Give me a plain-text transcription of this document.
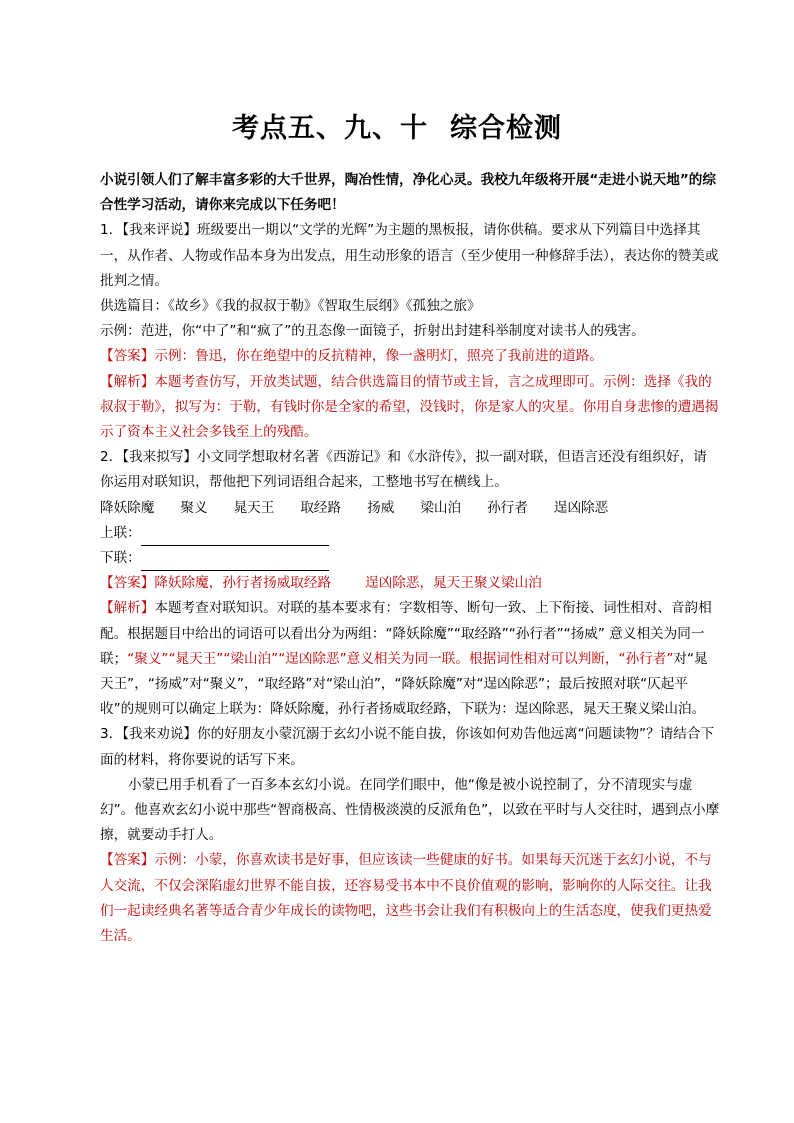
考点五、九、十 综合检测

小说引领人们了解丰富多彩的大千世界，陶冶性情，净化心灵。我校九年级将开展“走进小说天地”的综合性学习活动，请你来完成以下任务吧！

1．【我来评说】班级要出一期以“文学的光辉”为主题的黑板报，请你供稿。要求从下列篇目中选择其一，从作者、人物或作品本身为出发点，用生动形象的语言（至少使用一种修辞手法），表达你的赞美或批判之情。

供选篇目：《故乡》《我的叔叔于勒》《智取生辰纲》《孤独之旅》

示例：范进，你“中了”和“疯了”的丑态像一面镜子，折射出封建科举制度对读书人的残害。

【答案】示例：鲁迅，你在绝望中的反抗精神，像一盏明灯，照亮了我前进的道路。

【解析】本题考查仿写，开放类试题，结合供选篇目的情节或主旨，言之成理即可。示例：选择《我的叔叔于勒》，拟写为：于勒，有钱时你是全家的希望，没钱时，你是家人的灾星。你用自身悲惨的遭遇揭示了资本主义社会多钱至上的残酷。

2．【我来拟写】小文同学想取材名著《西游记》和《水浒传》，拟一副对联，但语言还没有组织好，请你运用对联知识，帮他把下列词语组合起来，工整地书写在横线上。

降妖除魔 聚义 晁天王 取经路 扬威 梁山泊 孙行者 逞凶除恶

上联：

下联：

【答案】降妖除魔，孙行者扬威取经路	逞凶除恶，晁天王聚义梁山泊

【解析】本题考查对联知识。对联的基本要求有：字数相等、断句一致、上下衔接、词性相对、音韵相配。根据题目中给出的词语可以看出分为两组：“降妖除魔”“取经路”“孙行者”“扬威” 意义相关为同一联；“聚义”“晁天王”“梁山泊”“逞凶除恶”意义相关为同一联。根据词性相对可以判断，“孙行者”对“晁天王”，“扬威”对“聚义”，“取经路”对“梁山泊”，“降妖除魔”对“逞凶除恶”；最后按照对联“仄起平收”的规则可以确定上联为：降妖除魔，孙行者扬威取经路，下联为：逞凶除恶，晁天王聚义梁山泊。

3．【我来劝说】你的好朋友小蒙沉溺于玄幻小说不能自拔，你该如何劝告他远离“问题读物”？请结合下面的材料，将你要说的话写下来。

小蒙已用手机看了一百多本玄幻小说。在同学们眼中，他“像是被小说控制了，分不清现实与虚幻”。他喜欢玄幻小说中那些“智商极高、性情极淡漠的反派角色”，以致在平时与人交往时，遇到点小摩擦，就要动手打人。

【答案】示例：小蒙，你喜欢读书是好事，但应该读一些健康的好书。如果每天沉迷于玄幻小说，不与人交流，不仅会深陷虚幻世界不能自拔，还容易受书本中不良价值观的影响，影响你的人际交往。让我们一起读经典名著等适合青少年成长的读物吧，这些书会让我们有积极向上的生活态度，使我们更热爱生活。
